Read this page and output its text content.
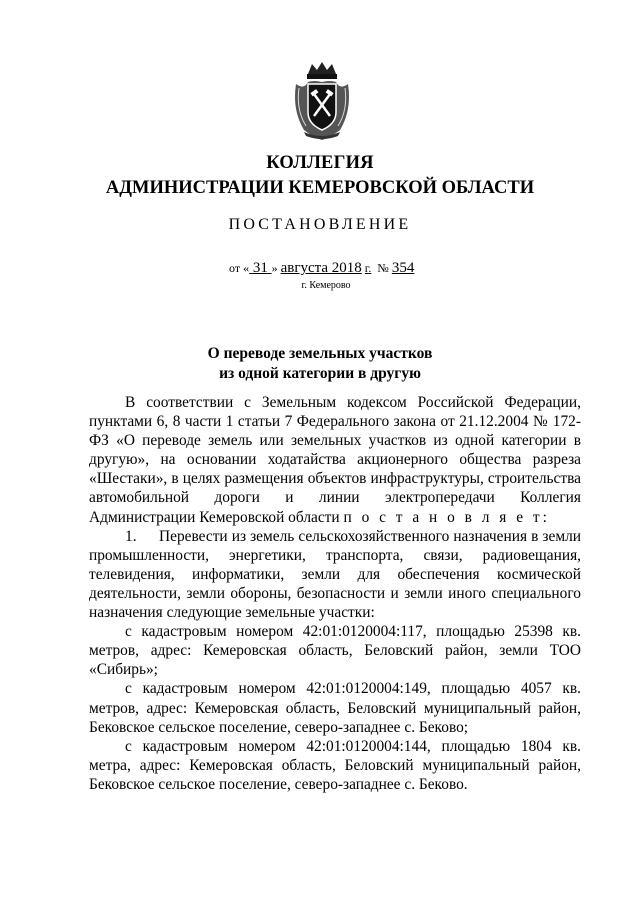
КОЛЛЕГИЯ
АДМИНИСТРАЦИИ КЕМЕРОВСКОЙ ОБЛАСТИ
ПОСТАНОВЛЕНИЕ
от « 31 » августа 2018 г. № 354
г. Кемерово
О переводе земельных участков
из одной категории в другую

В соответствии с Земельным кодексом Российской Федерации, пунктами 6, 8 части 1 статьи 7 Федерального закона от 21.12.2004 № 172-ФЗ «О переводе земель или земельных участков из одной категории в другую», на основании ходатайства акционерного общества разреза «Шестаки», в целях размещения объектов инфраструктуры, строительства автомобильной дороги и линии электропередачи Коллегия Администрации Кемеровской области п о с т а н о в л я е т:

1. Перевести из земель сельскохозяйственного назначения в земли промышленности, энергетики, транспорта, связи, радиовещания, телевидения, информатики, земли для обеспечения космической деятельности, земли обороны, безопасности и земли иного специального назначения следующие земельные участки:

с кадастровым номером 42:01:0120004:117, площадью 25398 кв. метров, адрес: Кемеровская область, Беловский район, земли ТОО «Сибирь»;

с кадастровым номером 42:01:0120004:149, площадью 4057 кв. метров, адрес: Кемеровская область, Беловский муниципальный район, Бековское сельское поселение, северо-западнее с. Беково;

с кадастровым номером 42:01:0120004:144, площадью 1804 кв. метра, адрес: Кемеровская область, Беловский муниципальный район, Бековское сельское поселение, северо-западнее с. Беково.
